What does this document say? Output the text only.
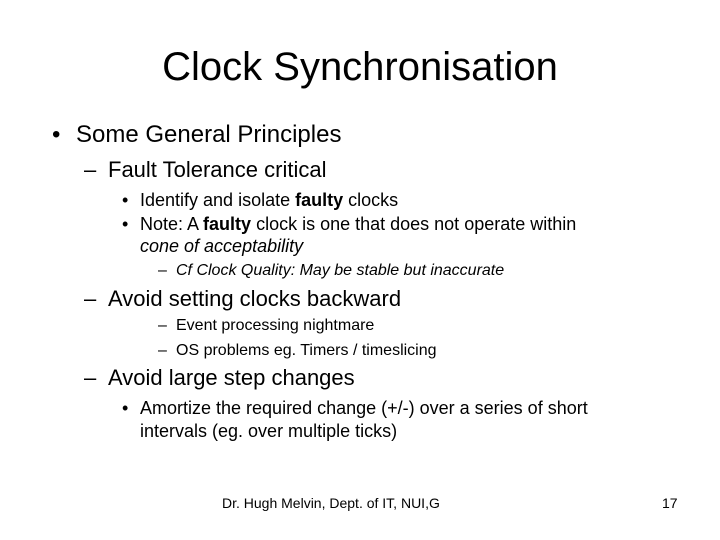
Clock Synchronisation
• Some General Principles
– Fault Tolerance critical
• Identify and isolate faulty clocks
• Note: A faulty clock is one that does not operate within
cone of acceptability
– Cf Clock Quality: May be stable but inaccurate
– Avoid setting clocks backward
– Event processing nightmare
– OS problems eg. Timers / timeslicing
– Avoid large step changes
• Amortize the required change (+/-) over a series of short
intervals (eg. over multiple ticks)
Dr. Hugh Melvin, Dept. of IT, NUI,G	17
